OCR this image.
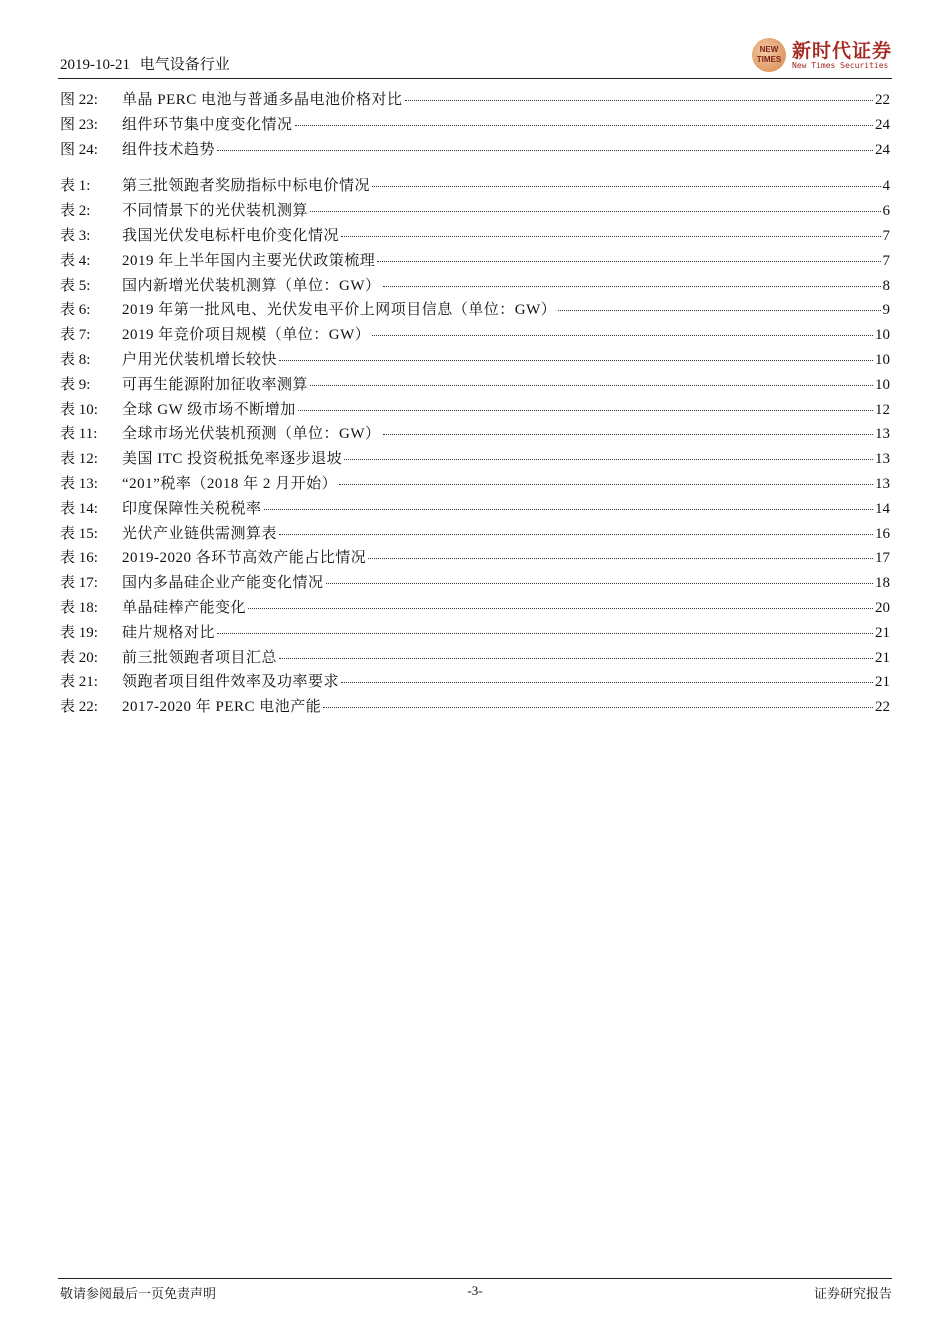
2019-10-21 电气设备行业
NEW TIMES 新时代证券
New Times Securities
图 22:	单晶 PERC 电池与普通多晶电池价格对比	22
图 23:	组件环节集中度变化情况	24
图 24:	组件技术趋势	24
表 1:	第三批领跑者奖励指标中标电价情况	4
表 2:	不同情景下的光伏装机测算	6
表 3:	我国光伏发电标杆电价变化情况	7
表 4:	2019 年上半年国内主要光伏政策梳理	7
表 5:	国内新增光伏装机测算（单位：GW）	8
表 6:	2019 年第一批风电、光伏发电平价上网项目信息（单位：GW）	9
表 7:	2019 年竞价项目规模（单位：GW）	10
表 8:	户用光伏装机增长较快	10
表 9:	可再生能源附加征收率测算	10
表 10:	全球 GW 级市场不断增加	12
表 11:	全球市场光伏装机预测（单位：GW）	13
表 12:	美国 ITC 投资税抵免率逐步退坡	13
表 13:	“201”税率（2018 年 2 月开始）	13
表 14:	印度保障性关税税率	14
表 15:	光伏产业链供需测算表	16
表 16:	2019-2020 各环节高效产能占比情况	17
表 17:	国内多晶硅企业产能变化情况	18
表 18:	单晶硅棒产能变化	20
表 19:	硅片规格对比	21
表 20:	前三批领跑者项目汇总	21
表 21:	领跑者项目组件效率及功率要求	21
表 22:	2017-2020 年 PERC 电池产能	22
敬请参阅最后一页免责声明	-3-	证券研究报告
